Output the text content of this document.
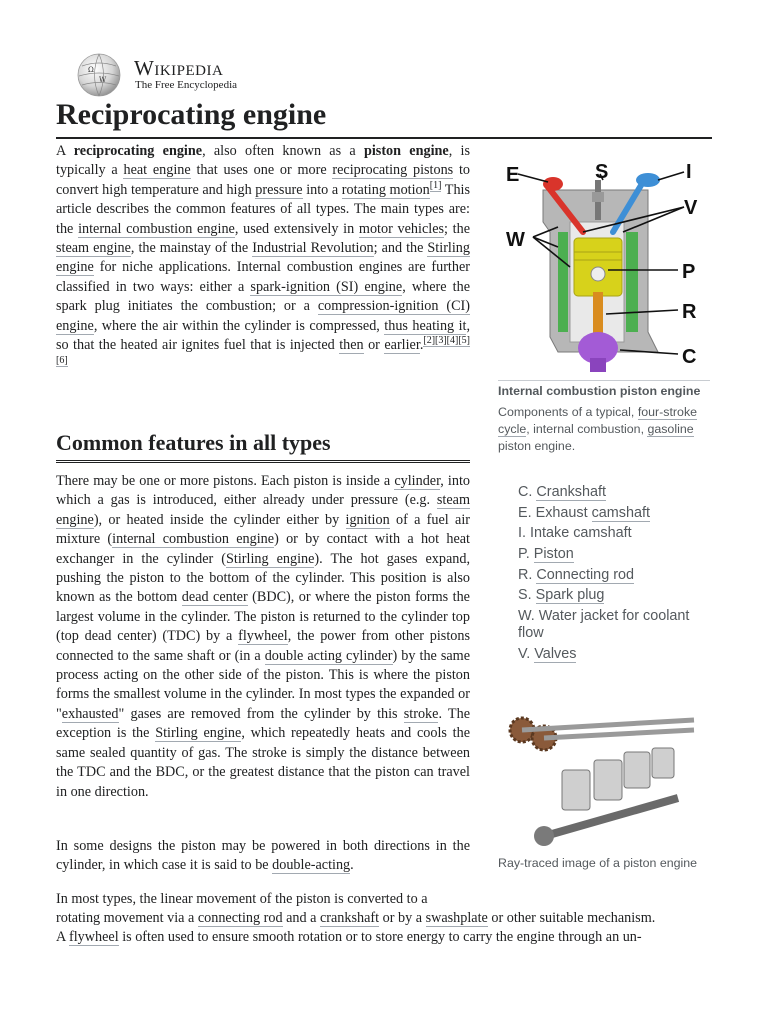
Ω
W Wikipedia
The Free Encyclopedia
Reciprocating engine

A reciprocating engine, also often known as a piston engine, is typically a heat engine that uses one or more reciprocating pistons to convert high temperature and high pressure into a rotating motion[1] This article describes the common features of all types. The main types are: the internal combustion engine, used extensively in motor vehicles; the steam engine, the mainstay of the Industrial Revolution; and the Stirling engine for niche applications. Internal combustion engines are further classified in two ways: either a spark-ignition (SI) engine, where the spark plug initiates the combustion; or a compression-ignition (CI) engine, where the air within the cylinder is compressed, thus heating it, so that the heated air ignites fuel that is injected then or earlier.[2][3][4][5][6]

Common features in all types

There may be one or more pistons. Each piston is inside a cylinder, into which a gas is introduced, either already under pressure (e.g. steam engine), or heated inside the cylinder either by ignition of a fuel air mixture (internal combustion engine) or by contact with a hot heat exchanger in the cylinder (Stirling engine). The hot gases expand, pushing the piston to the bottom of the cylinder. This position is also known as the bottom dead center (BDC), or where the piston forms the largest volume in the cylinder. The piston is returned to the cylinder top (top dead center) (TDC) by a flywheel, the power from other pistons connected to the same shaft or (in a double acting cylinder) by the same process acting on the other side of the piston. This is where the piston forms the smallest volume in the cylinder. In most types the expanded or "exhausted" gases are removed from the cylinder by this stroke. The exception is the Stirling engine, which repeatedly heats and cools the same sealed quantity of gas. The stroke is simply the distance between the TDC and the BDC, or the greatest distance that the piston can travel in one direction.

In some designs the piston may be powered in both directions in the cylinder, in which case it is said to be double-acting.

In most types, the linear movement of the piston is converted to a

rotating movement via a connecting rod and a crankshaft or by a swashplate or other suitable mechanism.

A flywheel is often used to ensure smooth rotation or to store energy to carry the engine through an un-

E	S	I
V
W
P
R
C
Internal combustion piston engine
Components of a typical, four-stroke cycle, internal combustion, gasoline piston engine.
C. Crankshaft
E. Exhaust camshaft
I. Intake camshaft
P. Piston
R. Connecting rod
S. Spark plug
W. Water jacket for coolant flow
V. Valves
Ray-traced image of a piston engine
